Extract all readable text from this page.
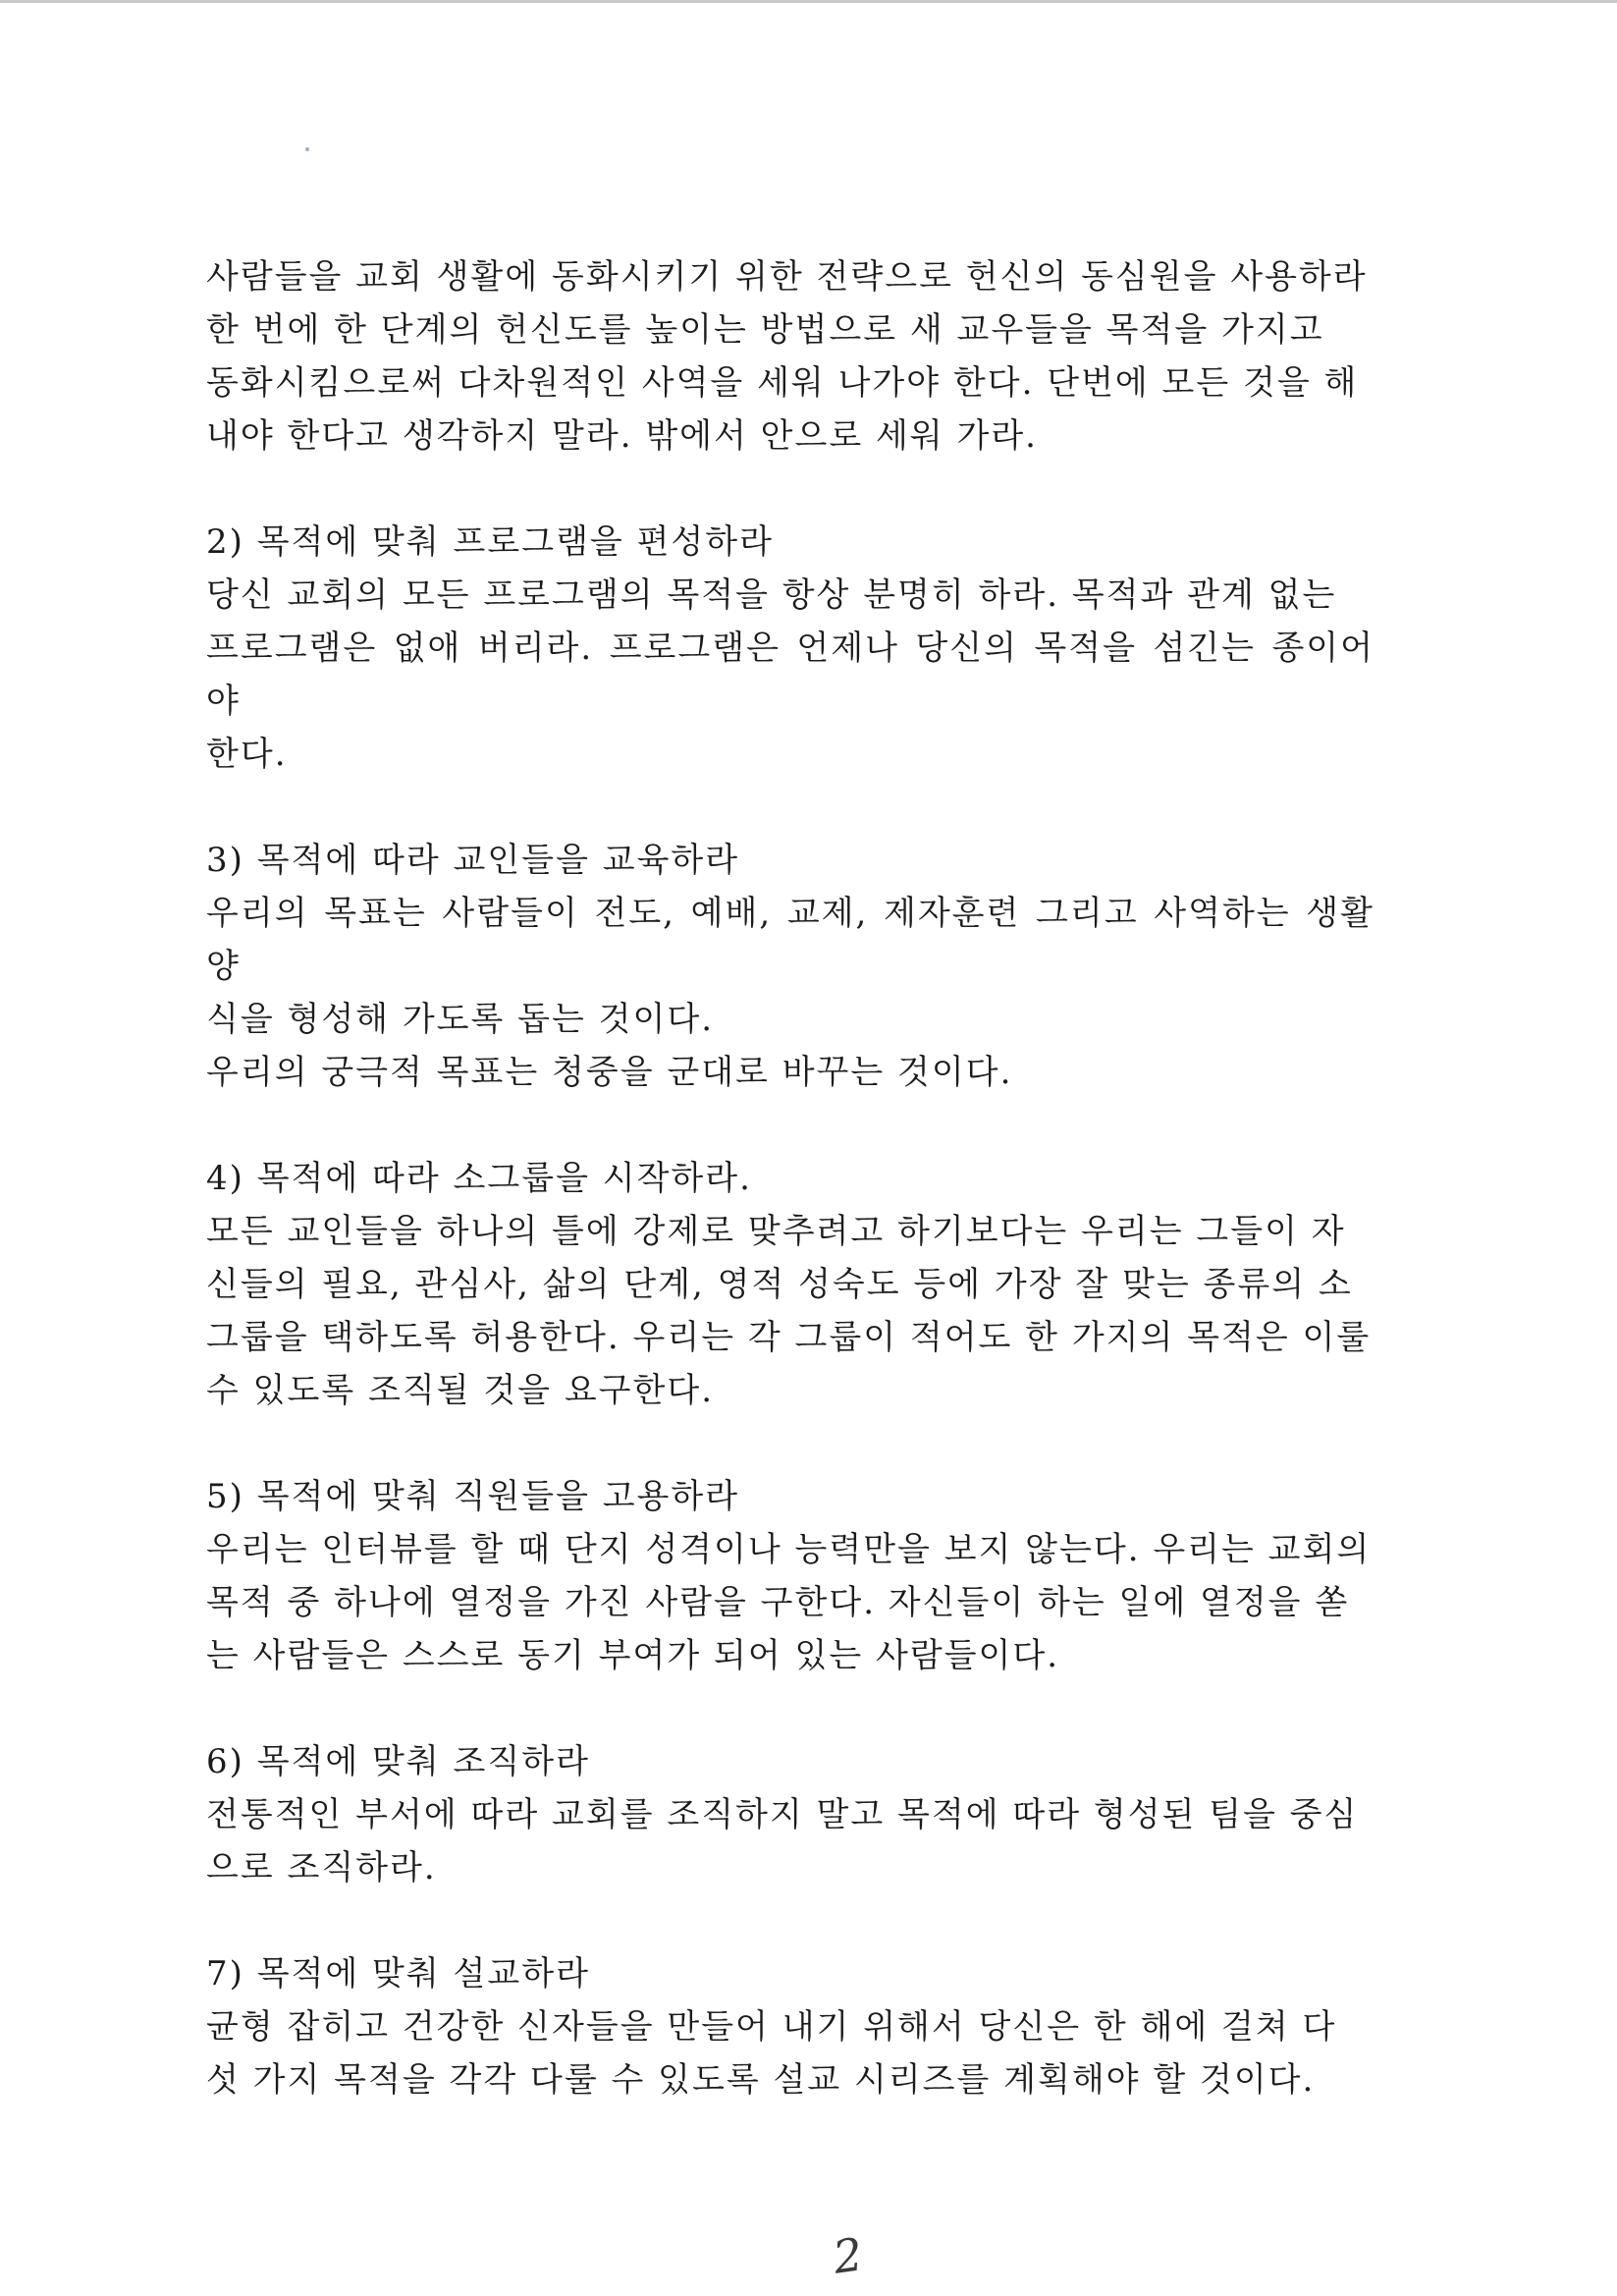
사람들을 교회 생활에 동화시키기 위한 전략으로 헌신의 동심원을 사용하라
한 번에 한 단계의 헌신도를 높이는 방법으로 새 교우들을 목적을 가지고
동화시킴으로써 다차원적인 사역을 세워 나가야 한다. 단번에 모든 것을 해
내야 한다고 생각하지 말라. 밖에서 안으로 세워 가라.
2) 목적에 맞춰 프로그램을 편성하라
당신 교회의 모든 프로그램의 목적을 항상 분명히 하라. 목적과 관계 없는
프로그램은 없애 버리라. 프로그램은 언제나 당신의 목적을 섬긴는 종이어야
한다.
3) 목적에 따라 교인들을 교육하라
우리의 목표는 사람들이 전도, 예배, 교제, 제자훈련 그리고 사역하는 생활양
식을 형성해 가도록 돕는 것이다.
우리의 궁극적 목표는 청중을 군대로 바꾸는 것이다.
4) 목적에 따라 소그룹을 시작하라.
모든 교인들을 하나의 틀에 강제로 맞추려고 하기보다는 우리는 그들이 자
신들의 필요, 관심사, 삶의 단계, 영적 성숙도 등에 가장 잘 맞는 종류의 소
그룹을 택하도록 허용한다. 우리는 각 그룹이 적어도 한 가지의 목적은 이룰
수 있도록 조직될 것을 요구한다.
5) 목적에 맞춰 직원들을 고용하라
우리는 인터뷰를 할 때 단지 성격이나 능력만을 보지 않는다. 우리는 교회의
목적 중 하나에 열정을 가진 사람을 구한다. 자신들이 하는 일에 열정을 쏟
는 사람들은 스스로 동기 부여가 되어 있는 사람들이다.
6) 목적에 맞춰 조직하라
전통적인 부서에 따라 교회를 조직하지 말고 목적에 따라 형성된 팀을 중심
으로 조직하라.
7) 목적에 맞춰 설교하라
균형 잡히고 건강한 신자들을 만들어 내기 위해서 당신은 한 해에 걸쳐 다
섯 가지 목적을 각각 다룰 수 있도록 설교 시리즈를 계획해야 할 것이다.
2
